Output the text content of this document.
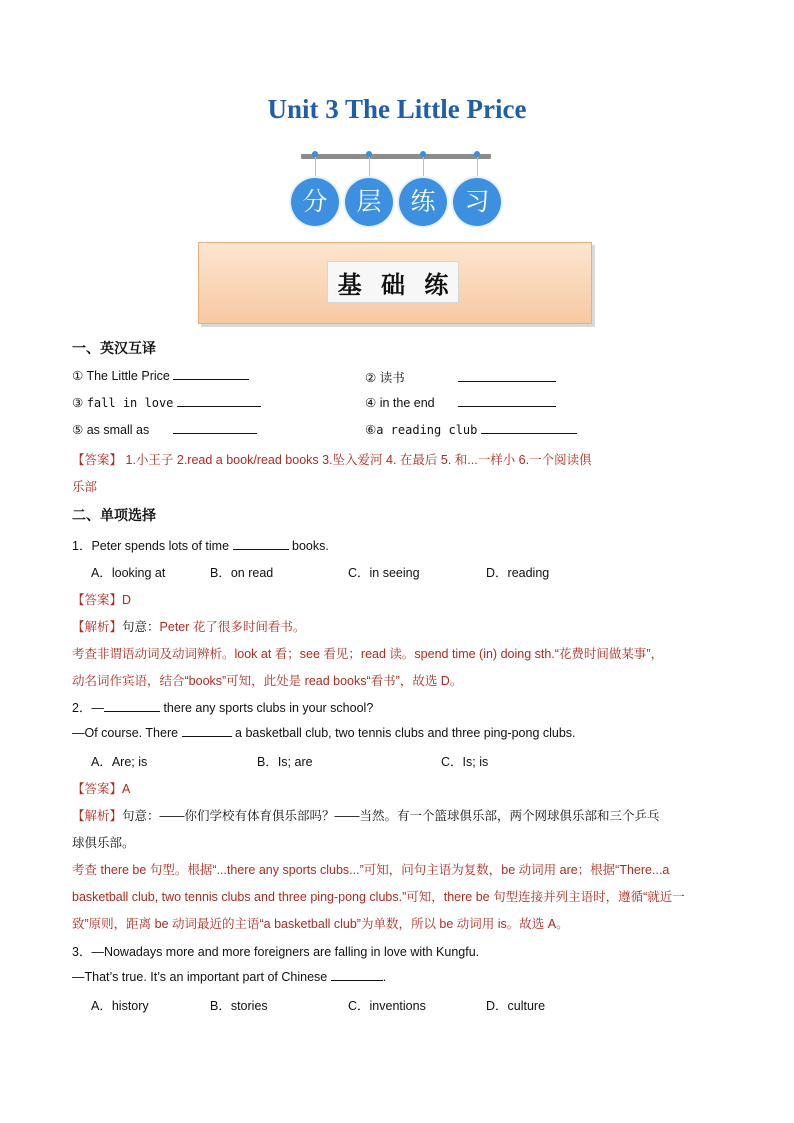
Unit 3 The Little Price
分	层	练	习
基 础 练
一、英汉互译
① The Little Price	② 读书
③ fall in love	④ in the end
⑤ as small as	⑥a reading club
【答案】 1.小王子 2.read a book/read books 3.坠入爱河 4. 在最后 5. 和...一样小 6.一个阅读俱
乐部
二、单项选择
1．Peter spends lots of time	books.
A．looking at	B．on read	C．in seeing	D．reading
【答案】D
【解析】句意：Peter 花了很多时间看书。
考查非谓语动词及动词辨析。look at 看；see 看见；read 读。spend time (in) doing sth.“花费时间做某事”，
动名词作宾语，结合“books”可知，此处是 read books“看书”，故选 D。
2．—	there any sports clubs in your school?
—Of course. There	a basketball club, two tennis clubs and three ping-pong clubs.
A．Are; is	B．Is; are	C．Is; is
【答案】A
【解析】句意：——你们学校有体育俱乐部吗？——当然。有一个篮球俱乐部，两个网球俱乐部和三个乒乓
球俱乐部。
考查 there be 句型。根据“...there any sports clubs...”可知，问句主语为复数，be 动词用 are；根据“There...a
basketball club, two tennis clubs and three ping-pong clubs.”可知，there be 句型连接并列主语时，遵循“就近一
致”原则，距离 be 动词最近的主语“a basketball club”为单数，所以 be 动词用 is。故选 A。
3．—Nowadays more and more foreigners are falling in love with Kungfu.
—That’s true. It’s an important part of Chinese	.
A．history	B．stories	C．inventions	D．culture
